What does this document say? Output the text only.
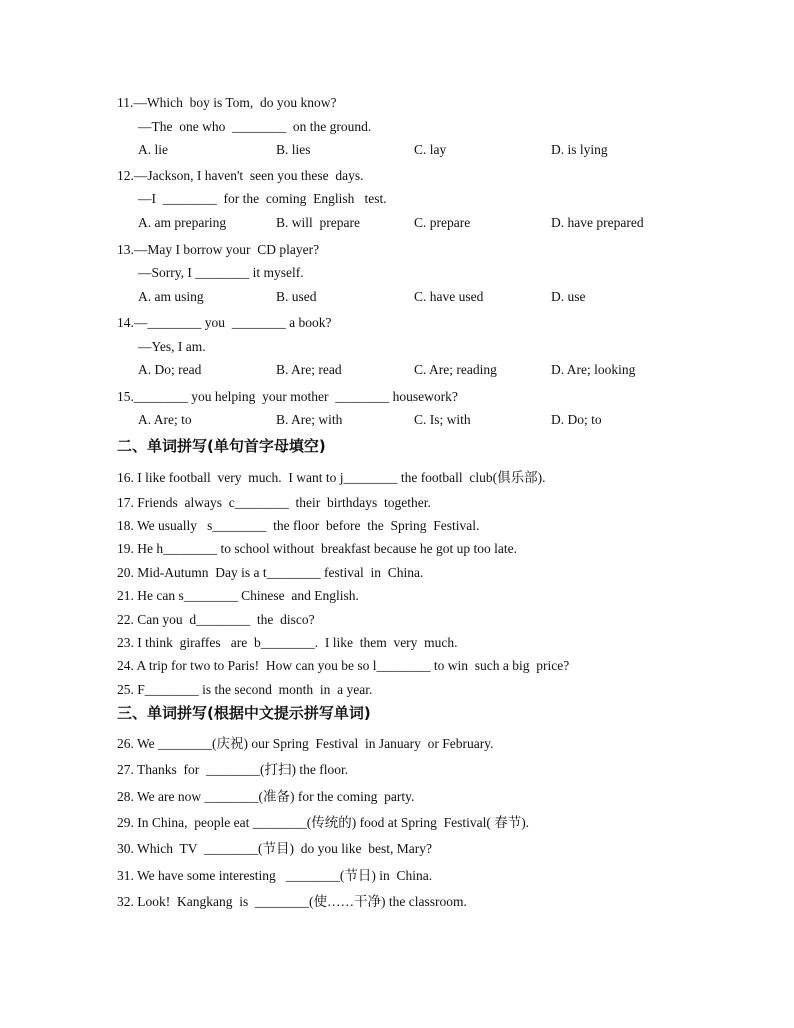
11.—Which  boy is Tom,  do you know?
—The  one who  ________  on the ground.
A. lie	B. lies	C. lay	D. is lying
12.—Jackson, I haven't  seen you these  days.
—I  ________  for the  coming  English   test.
A. am preparing	B. will  prepare	C. prepare	D. have prepared
13.—May I borrow your  CD player?
—Sorry, I ________ it myself.
A. am using	B. used	C. have used	D. use
14.—________ you  ________ a book?
—Yes, I am.
A. Do; read	B. Are; read	C. Are; reading	D. Are; looking
15.________ you helping  your mother  ________ housework?
A. Are; to	B. Are; with	C. Is; with	D. Do; to
二、单词拼写(单句首字母填空)
16. I like football  very  much.  I want to j________ the football  club(俱乐部).
17. Friends  always  c________  their  birthdays  together.
18. We usually   s________  the floor  before  the  Spring  Festival.
19. He h________ to school without  breakfast because he got up too late.
20. Mid-Autumn  Day is a t________ festival  in  China.
21. He can s________ Chinese  and English.
22. Can you  d________  the  disco?
23. I think  giraffes   are  b________.  I like  them  very  much.
24. A trip for two to Paris!  How can you be so l________ to win  such a big  price?
25. F________ is the second  month  in  a year.
三、单词拼写(根据中文提示拼写单词)
26. We ________(庆祝) our Spring  Festival  in January  or February.
27. Thanks  for  ________(打扫) the floor.
28. We are now ________(准备) for the coming  party.
29. In China,  people eat ________(传统的) food at Spring  Festival( 春节).
30. Which  TV  ________(节目)  do you like  best, Mary?
31. We have some interesting   ________(节日) in  China.
32. Look!  Kangkang  is  ________(使……干净) the classroom.
